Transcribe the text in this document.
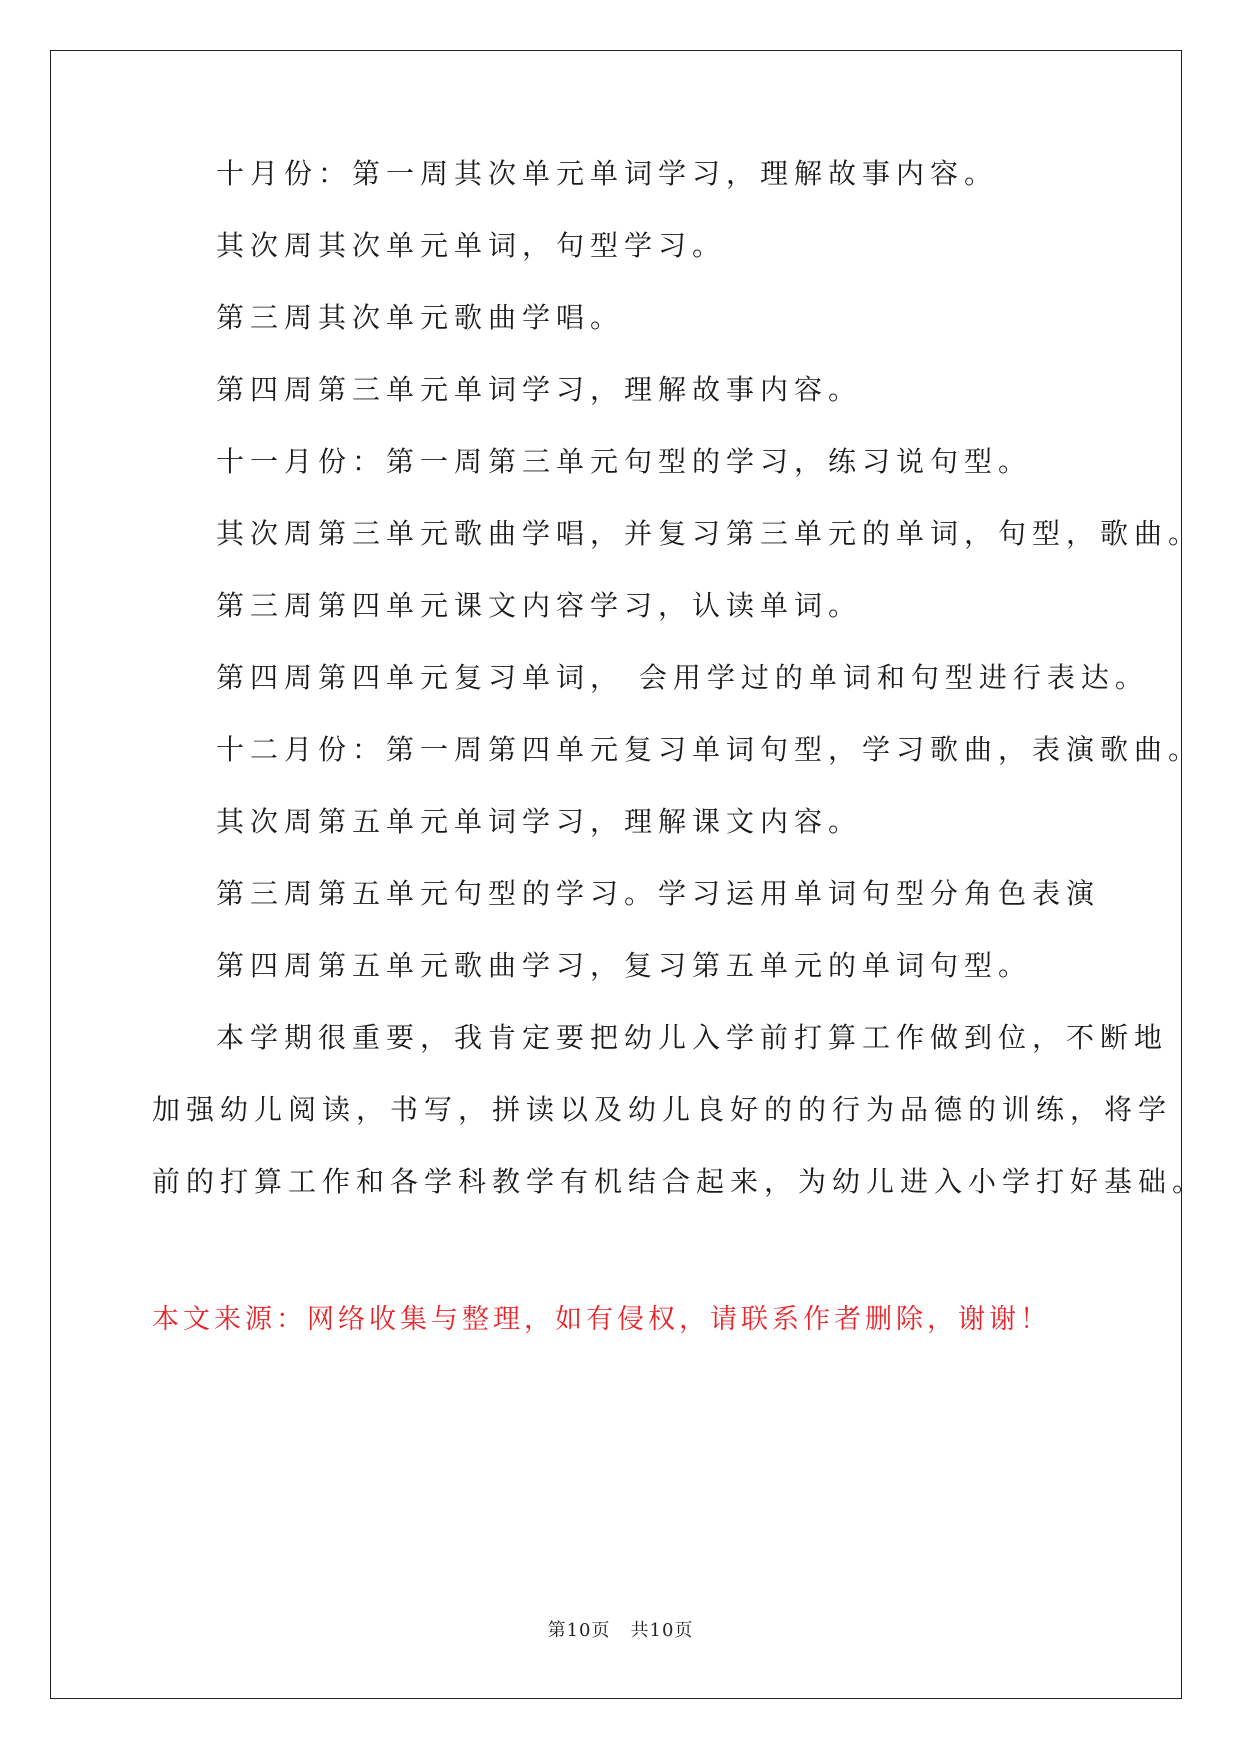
十月份：第一周其次单元单词学习，理解故事内容。
其次周其次单元单词，句型学习。
第三周其次单元歌曲学唱。
第四周第三单元单词学习，理解故事内容。
十一月份：第一周第三单元句型的学习，练习说句型。
其次周第三单元歌曲学唱，并复习第三单元的单词，句型，歌曲。
第三周第四单元课文内容学习，认读单词。
第四周第四单元复习单词， 会用学过的单词和句型进行表达。
十二月份：第一周第四单元复习单词句型，学习歌曲，表演歌曲。
其次周第五单元单词学习，理解课文内容。
第三周第五单元句型的学习。学习运用单词句型分角色表演
第四周第五单元歌曲学习，复习第五单元的单词句型。
本学期很重要，我肯定要把幼儿入学前打算工作做到位，不断地
加强幼儿阅读，书写，拼读以及幼儿良好的的行为品德的训练，将学
前的打算工作和各学科教学有机结合起来，为幼儿进入小学打好基础。
本文来源：网络收集与整理，如有侵权，请联系作者删除，谢谢！
第10页 共10页
